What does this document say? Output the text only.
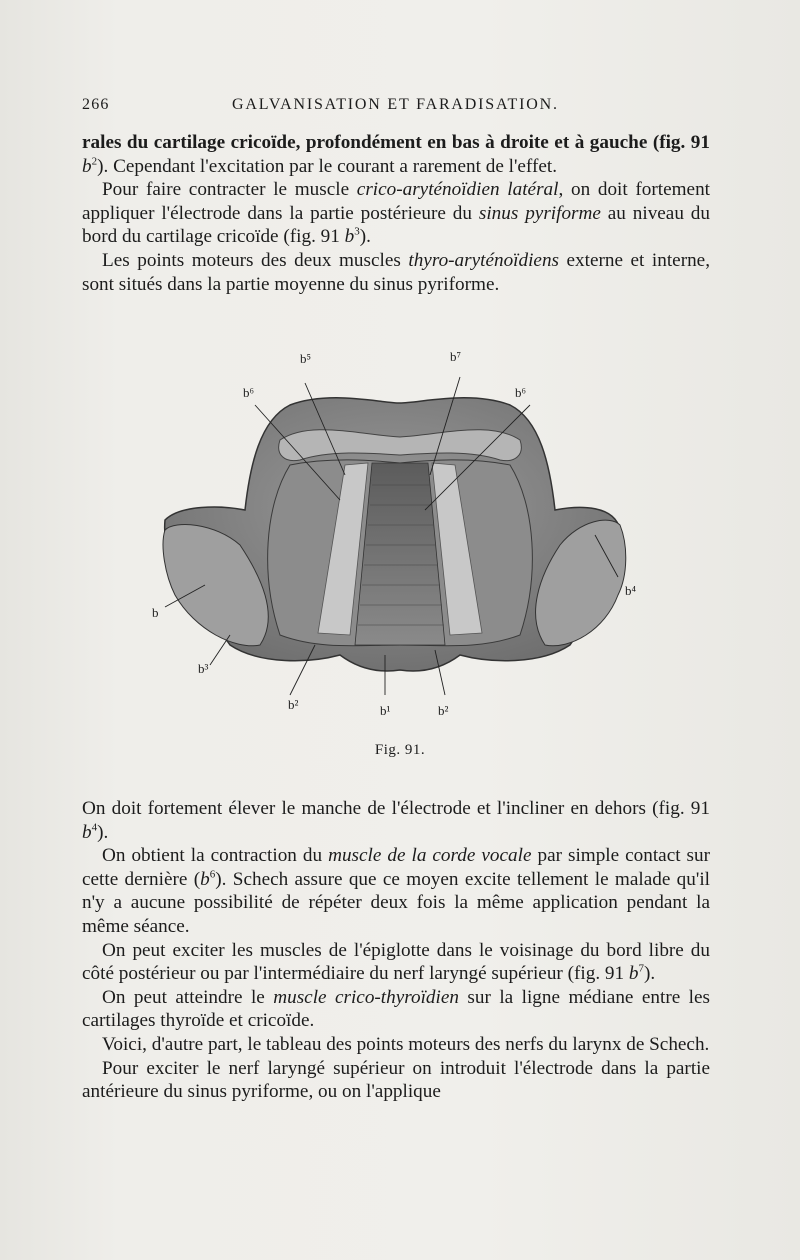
266	GALVANISATION ET FARADISATION.

rales du cartilage cricoïde, profondément en bas à droite et à gauche (fig. 91 $b^2$). Cependant l'excitation par le courant a rarement de l'effet.

Pour faire contracter le muscle crico-aryténoïdien latéral, on doit fortement appliquer l'électrode dans la partie postérieure du sinus pyriforme au niveau du bord du cartilage cricoïde (fig. 91 $b^3$).

Les points moteurs des deux muscles thyro-aryténoïdiens externe et interne, sont situés dans la partie moyenne du sinus pyriforme.

b⁵	b⁷
b⁶	b⁶
b⁴
b
b³
b²	b¹	b²
Fig. 91.

On doit fortement élever le manche de l'électrode et l'incliner en dehors (fig. 91 $b^4$).

On obtient la contraction du muscle de la corde vocale par simple contact sur cette dernière $(b^6)$. Schech assure que ce moyen excite tellement le malade qu'il n'y a aucune possibilité de répéter deux fois la même application pendant la même séance.

On peut exciter les muscles de l'épiglotte dans le voisinage du bord libre du côté postérieur ou par l'intermédiaire du nerf laryngé supérieur (fig. 91 $b^7$).

On peut atteindre le muscle crico-thyroïdien sur la ligne médiane entre les cartilages thyroïde et cricoïde.

Voici, d'autre part, le tableau des points moteurs des nerfs du larynx de Schech.

Pour exciter le nerf laryngé supérieur on introduit l'électrode dans la partie antérieure du sinus pyriforme, ou on l'applique
